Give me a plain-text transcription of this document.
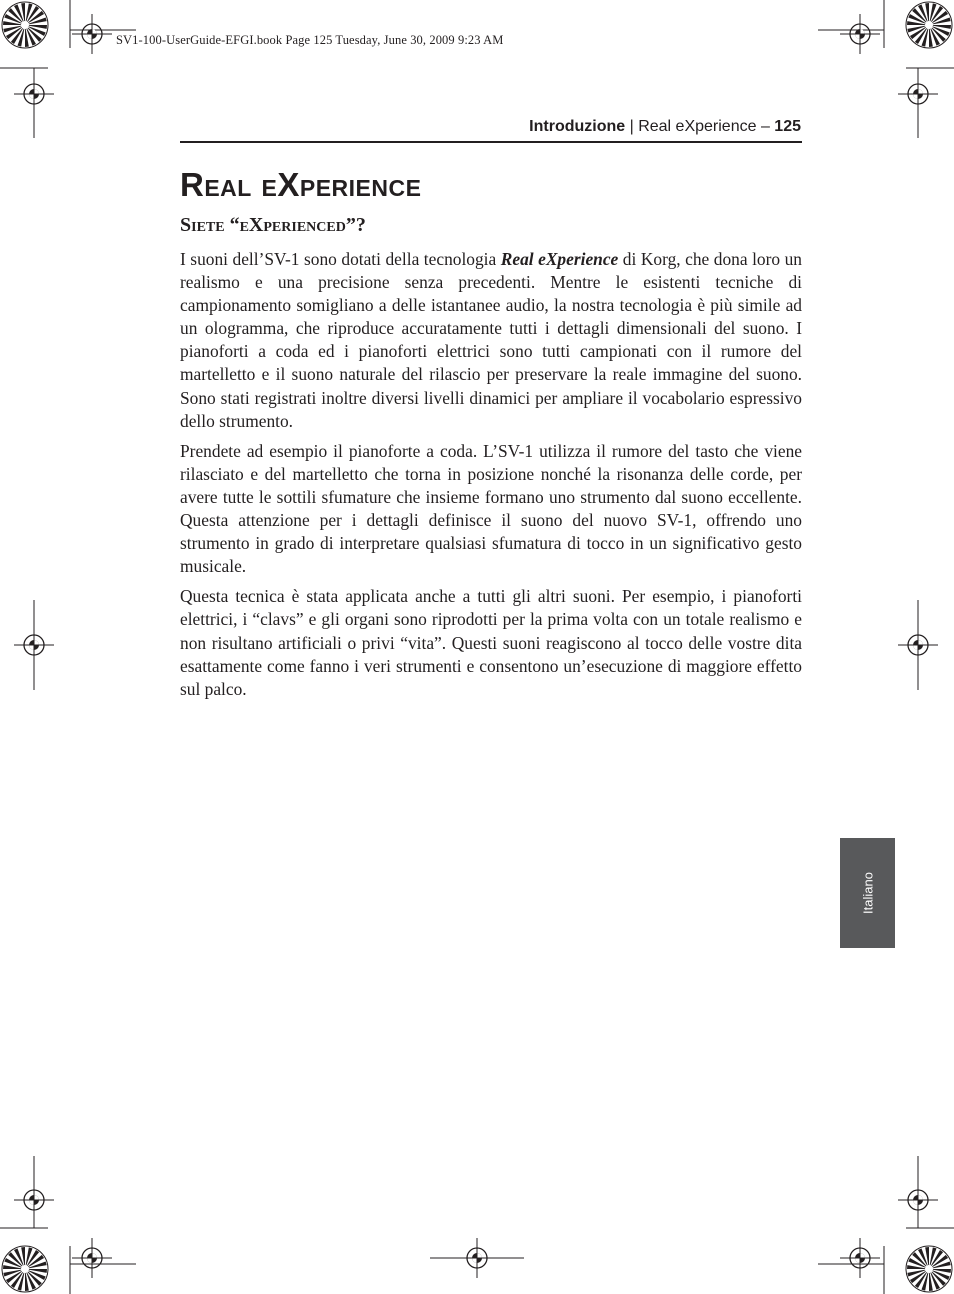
SV1-100-UserGuide-EFGI.book Page 125 Tuesday, June 30, 2009 9:23 AM
Introduzione | Real eXperience – 125
Real eXperience
Siete “eXperienced”?

I suoni dell’SV-1 sono dotati della tecnologia Real eXperience di Korg, che dona loro un realismo e una precisione senza precedenti. Mentre le esistenti tecniche di campionamento somigliano a delle istantanee audio, la nostra tecnologia è più simile ad un ologramma, che riproduce accuratamente tutti i dettagli dimensionali del suono. I pianoforti a coda ed i pianoforti elettrici sono tutti campionati con il rumore del martelletto e il suono naturale del rilascio per preservare la reale immagine del suono. Sono stati registrati inoltre diversi livelli dinamici per ampliare il vocabolario espressivo dello strumento.

Prendete ad esempio il pianoforte a coda. L’SV-1 utilizza il rumore del tasto che viene rilasciato e del martelletto che torna in posizione nonché la risonanza delle corde, per avere tutte le sottili sfumature che insieme formano uno strumento dal suono eccellente. Questa attenzione per i dettagli definisce il suono del nuovo SV-1, offrendo uno strumento in grado di interpretare qualsiasi sfumatura di tocco in un significativo gesto musicale.

Questa tecnica è stata applicata anche a tutti gli altri suoni. Per esempio, i pianoforti elettrici, i “clavs” e gli organi sono riprodotti per la prima volta con un totale realismo e non risultano artificiali o privi “vita”. Questi suoni reagiscono al tocco delle vostre dita esattamente come fanno i veri strumenti e consentono un’esecuzione di maggiore effetto sul palco.

Italiano
